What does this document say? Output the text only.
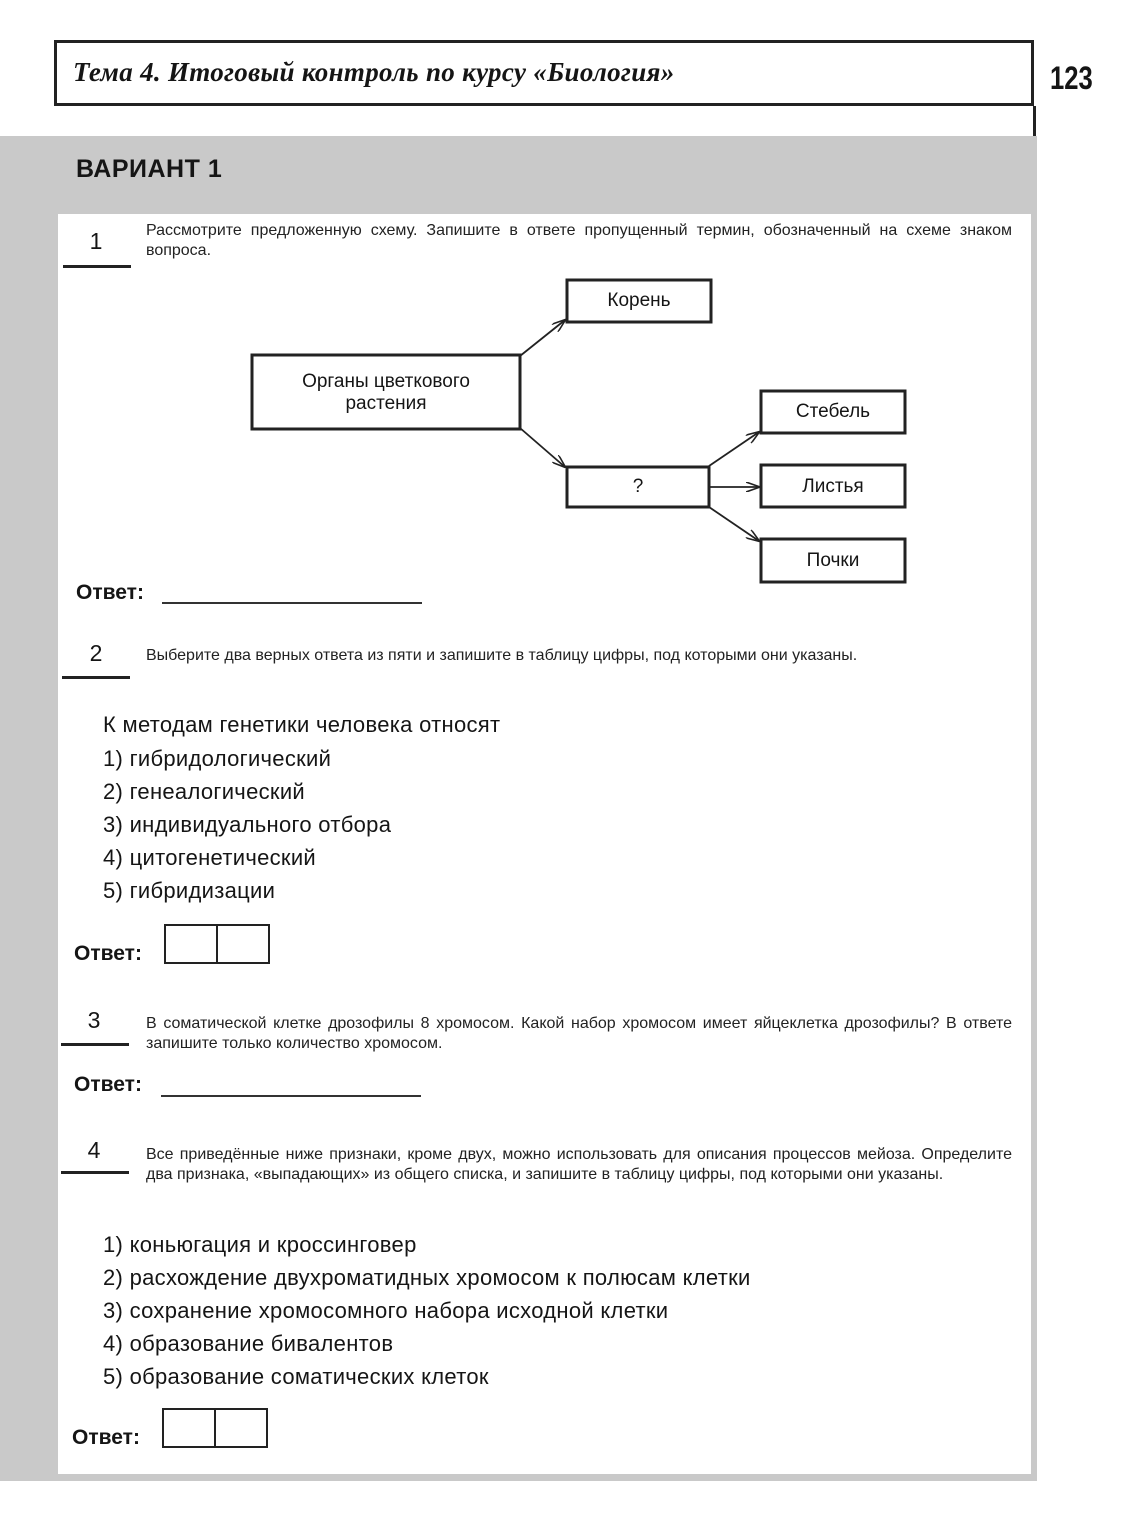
Тема 4. Итоговый контроль по курсу «Биология»	123
ВАРИАНТ 1
1	Рассмотрите предложенную схему. Запишите в ответе пропущенный термин, обозначенный на схеме знаком вопроса.
Органы цветкового растения
Корень
?
Стебель
Листья
Почки
Ответ:
2	Выберите два верных ответа из пяти и запишите в таблицу цифры, под которыми они указаны.
К методам генетики человека относят
1) гибридологический
2) генеалогический
3) индивидуального отбора
4) цитогенетический
5) гибридизации
Ответ:
3	В соматической клетке дрозофилы 8 хромосом. Какой набор хромосом имеет яйцеклетка дрозофилы? В ответе запишите только количество хромосом.
Ответ:
4	Все приведённые ниже признаки, кроме двух, можно использовать для описания процессов мейоза. Определите два признака, «выпадающих» из общего списка, и запишите в таблицу цифры, под которыми они указаны.
1) коньюгация и кроссинговер
2) расхождение двухроматидных хромосом к полюсам клетки
3) сохранение хромосомного набора исходной клетки
4) образование бивалентов
5) образование соматических клеток
Ответ:
